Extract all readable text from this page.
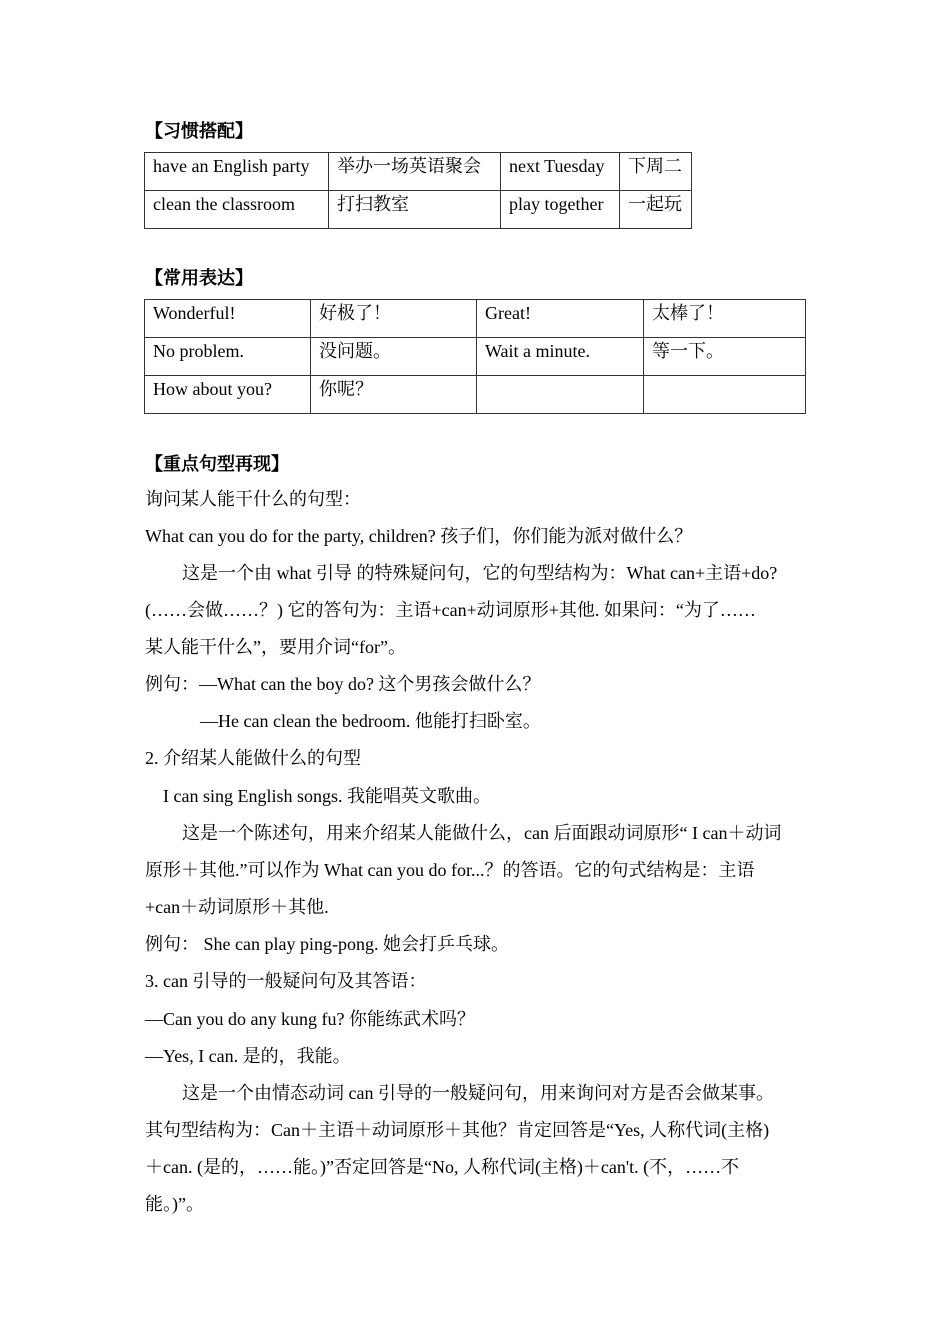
【习惯搭配】
have an English party	举办一场英语聚会	next Tuesday	下周二
clean the classroom	打扫教室	play together	一起玩
【常用表达】
Wonderful!	好极了！	Great!	太棒了！
No problem.	没问题。	Wait a minute.	等一下。
How about you?	你呢？		
【重点句型再现】
询问某人能干什么的句型：
What can you do for the party, children? 孩子们，你们能为派对做什么？
这是一个由 what 引导 的特殊疑问句，它的句型结构为：What can+主语+do?
(……会做……？) 它的答句为：主语+can+动词原形+其他. 如果问：“为了……
某人能干什么”，要用介词“for”。
例句：—What can the boy do? 这个男孩会做什么？
—He can clean the bedroom. 他能打扫卧室。
2. 介绍某人能做什么的句型
I can sing English songs. 我能唱英文歌曲。
这是一个陈述句，用来介绍某人能做什么，can 后面跟动词原形“ I can＋动词
原形＋其他.”可以作为 What can you do for...？的答语。它的句式结构是：主语
+can＋动词原形＋其他.
例句： She can play ping-pong. 她会打乒乓球。
3. can 引导的一般疑问句及其答语：
—Can you do any kung fu? 你能练武术吗？
—Yes, I can. 是的，我能。
这是一个由情态动词 can 引导的一般疑问句，用来询问对方是否会做某事。
其句型结构为：Can＋主语＋动词原形＋其他？肯定回答是“Yes, 人称代词(主格)
＋can. (是的，……能。)”否定回答是“No, 人称代词(主格)＋can't. (不，……不
能。)”。
